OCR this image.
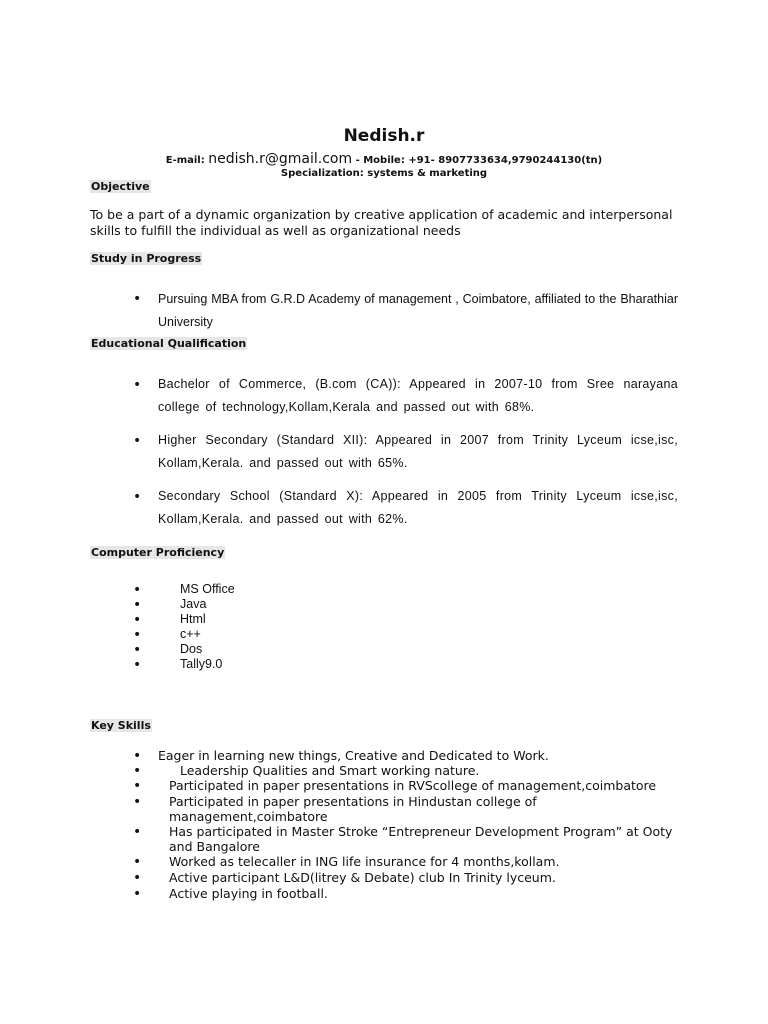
Nedish.r
E-mail: nedish.r@gmail.com - Mobile: +91- 8907733634,9790244130(tn)
Specialization: systems & marketing
Objective
To be a part of a dynamic organization by creative application of academic and interpersonal skills to fulfill the individual as well as organizational needs
Study in Progress
• Pursuing MBA from G.R.D Academy of management , Coimbatore, affiliated to the Bharathiar University
Educational Qualification
• Bachelor of Commerce, (B.com (CA)): Appeared in 2007-10 from Sree narayana college of technology,Kollam,Kerala and passed out with 68%.
• Higher Secondary (Standard XII): Appeared in 2007 from Trinity Lyceum icse,isc, Kollam,Kerala. and passed out with 65%.
• Secondary School (Standard X): Appeared in 2005 from Trinity Lyceum icse,isc, Kollam,Kerala. and passed out with 62%.
Computer Proficiency
•	MS Office
•	Java
•	Html
•	c++
•	Dos
•	Tally9.0
Key Skills
• Eager in learning new things, Creative and Dedicated to Work.
•	Leadership Qualities and Smart working nature.
• Participated in paper presentations in RVScollege of management,coimbatore
• Participated in paper presentations in Hindustan college of management,coimbatore
• Has participated in Master Stroke “Entrepreneur Development Program” at Ooty and Bangalore
• Worked as telecaller in ING life insurance for 4 months,kollam.
• Active participant L&D(litrey & Debate) club In Trinity lyceum.
• Active playing in football.
